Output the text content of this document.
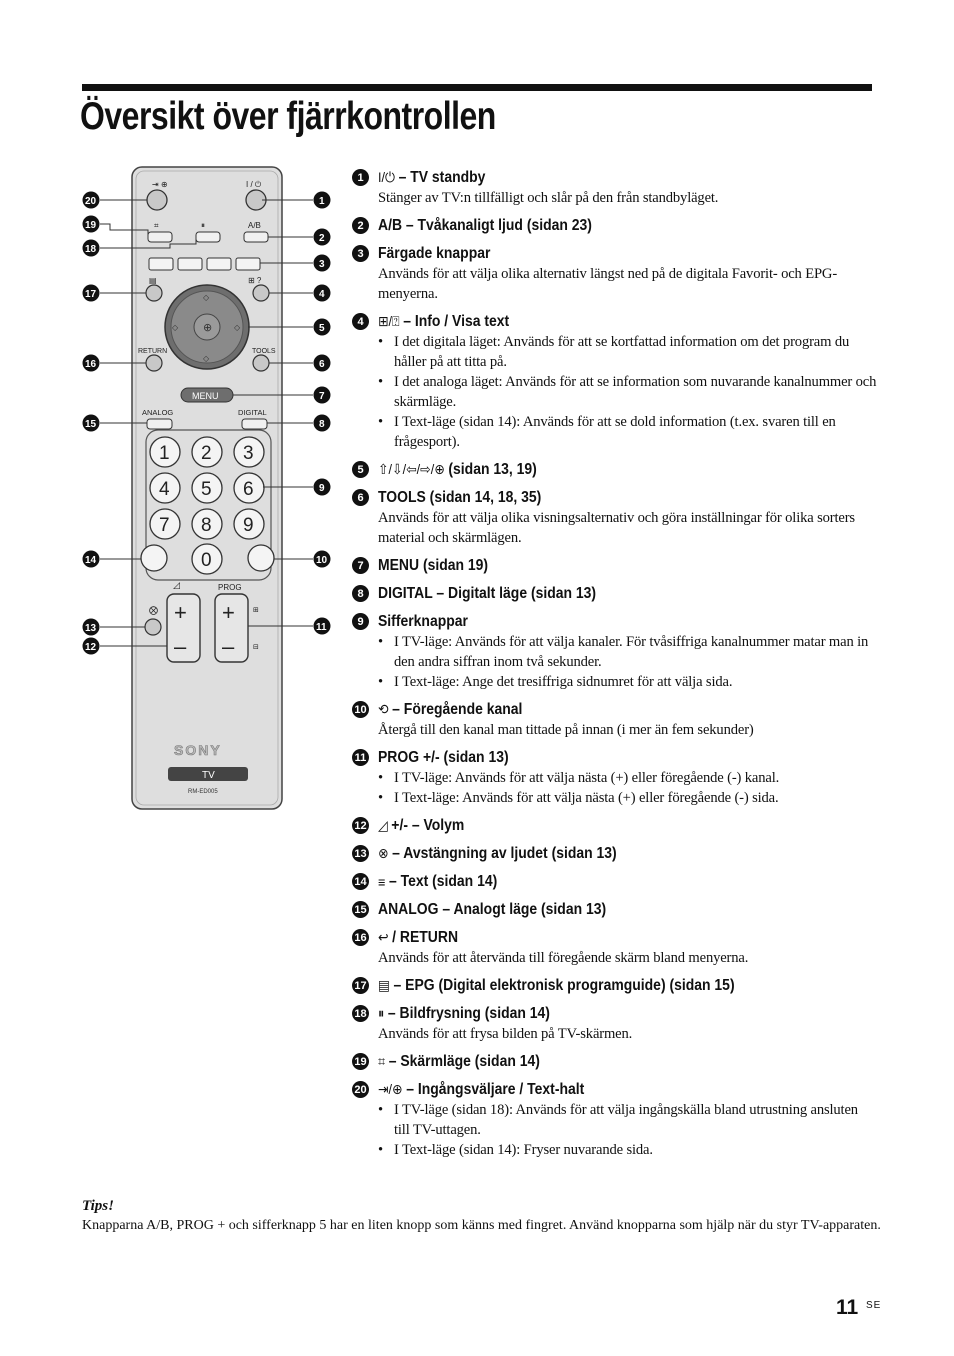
Översikt över fjärrkontrollen
⇥ ⊕	I / ⏻
⌗	⏸	A/B
▤	⊞ ?
⊕
◇
◇
◇	◇
RETURN	TOOLS
MENU
ANALOG	DIGITAL
1 2 3
4 5 6
7 8 9
0
◿	PROG
⨂ +
–
+
–
⊞
⊟
SONY
TV
RM-ED005
1
2
3
4
5
6
7
8
9
10
11
12
13
14
15
16
17
18
19
20
1	I/⏻ – TV standby
Stänger av TV:n tillfälligt och slår på den från standbyläget.
2 A/B – Tvåkanaligt ljud (sidan 23)
3 Färgade knappar
Används för att välja olika alternativ längst ned på de digitala Favorit- och EPG-menyerna.
4	⊞/⍰ – Info / Visa text
• I det digitala läget: Används för att se kortfattad information om det program du håller på att titta på.
• I det analoga läget: Används för att se information som nuvarande kanalnummer och skärmläge.
• I Text-läge (sidan 14): Används för att se dold information (t.ex. svaren till en frågesport).
5	⇧/⇩/⇦/⇨/⊕ (sidan 13, 19)
6 TOOLS (sidan 14, 18, 35)
Används för att välja olika visningsalternativ och göra inställningar för olika sorters material och skärmlägen.
7 MENU (sidan 19)
8 DIGITAL – Digitalt läge (sidan 13)
9 Sifferknappar
• I TV-läge: Används för att välja kanaler. För tvåsiffriga kanalnummer matar man in den andra siffran inom två sekunder.
• I Text-läge: Ange det tresiffriga sidnumret för att välja sida.
10 ⟲ – Föregående kanal
Återgå till den kanal man tittade på innan (i mer än fem sekunder)
11 PROG +/- (sidan 13)
• I TV-läge: Används för att välja nästa (+) eller föregående (-) kanal.
• I Text-läge: Används för att välja nästa (+) eller föregående (-) sida.
12 ◿ +/- – Volym
13 ⊗ – Avstängning av ljudet (sidan 13)
14 ≡ – Text (sidan 14)
15 ANALOG – Analogt läge (sidan 13)
16 ↩ / RETURN
Används för att återvända till föregående skärm bland menyerna.
17 ▤ – EPG (Digital elektronisk programguide) (sidan 15)
18 ⏸ – Bildfrysning (sidan 14)
Används för att frysa bilden på TV-skärmen.
19 ⌗ – Skärmläge (sidan 14)
20 ⇥/⊕ – Ingångsväljare / Text-halt
• I TV-läge (sidan 18): Används för att välja ingångskälla bland utrustning ansluten till TV-uttagen.
• I Text-läge (sidan 14): Fryser nuvarande sida.
Tips!
Knapparna A/B, PROG + och sifferknapp 5 har en liten knopp som känns med fingret. Använd knopparna som hjälp när du styr TV-apparaten.
11 SE
